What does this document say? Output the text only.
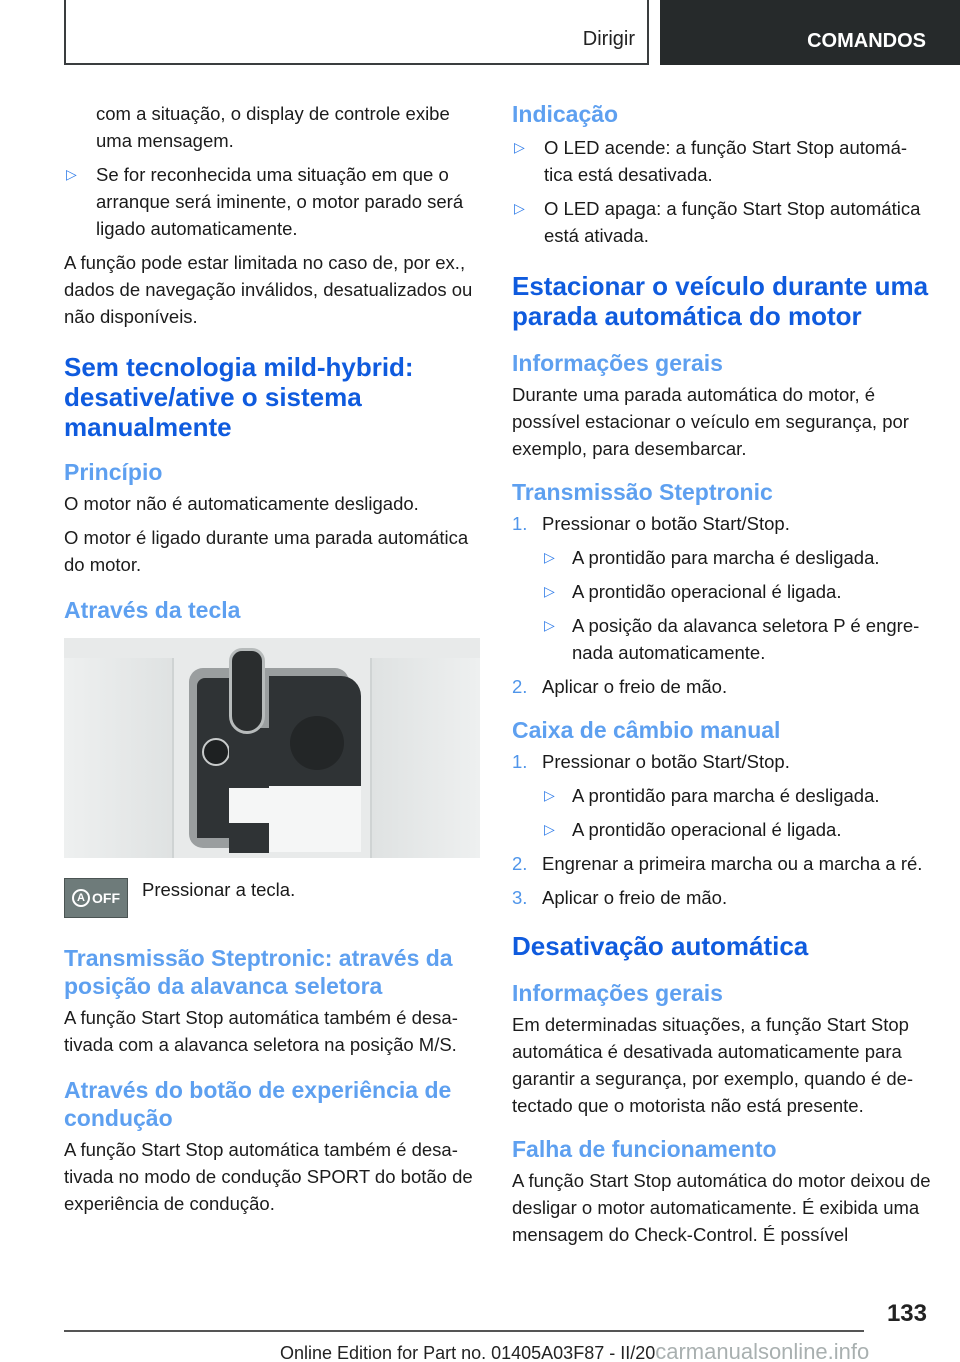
Dirigir	COMANDOS

com a situação, o display de controle exibe uma mensagem.

▷ Se for reconhecida uma situação em que o arranque será iminente, o motor parado será ligado automaticamente.

A função pode estar limitada no caso de, por ex., dados de navegação inválidos, desatualizados ou não disponíveis.

Sem tecnologia mild-hybrid: desative/ative o sistema manualmente
Princípio

O motor não é automaticamente desligado.

O motor é ligado durante uma parada automática do motor.

Através da tecla
A OFF Pressionar a tecla.

Transmissão Steptronic: através da posição da alavanca seletora

A função Start Stop automática também é desa-tivada com a alavanca seletora na posição M/S.

Através do botão de experiência de condução

A função Start Stop automática também é desa-tivada no modo de condução SPORT do botão de experiência de condução.

Indicação
▷ O LED acende: a função Start Stop automá-tica está desativada.
▷ O LED apaga: a função Start Stop automática está ativada.
Estacionar o veículo durante uma parada automática do motor
Informações gerais

Durante uma parada automática do motor, é possível estacionar o veículo em segurança, por exemplo, para desembarcar.

Transmissão Steptronic
1. Pressionar o botão Start/Stop.
▷ A prontidão para marcha é desligada.
▷ A prontidão operacional é ligada.
▷ A posição da alavanca seletora P é engre-nada automaticamente.
2. Aplicar o freio de mão.
Caixa de câmbio manual
1. Pressionar o botão Start/Stop.
▷ A prontidão para marcha é desligada.
▷ A prontidão operacional é ligada.
2. Engrenar a primeira marcha ou a marcha a ré.
3. Aplicar o freio de mão.
Desativação automática
Informações gerais

Em determinadas situações, a função Start Stop automática é desativada automaticamente para garantir a segurança, por exemplo, quando é de-tectado que o motorista não está presente.

Falha de funcionamento

A função Start Stop automática do motor deixou de desligar o motor automaticamente. É exibida uma mensagem do Check-Control. É possível

133
Online Edition for Part no. 01405A03F87 - II/20carmanualsonline.info
